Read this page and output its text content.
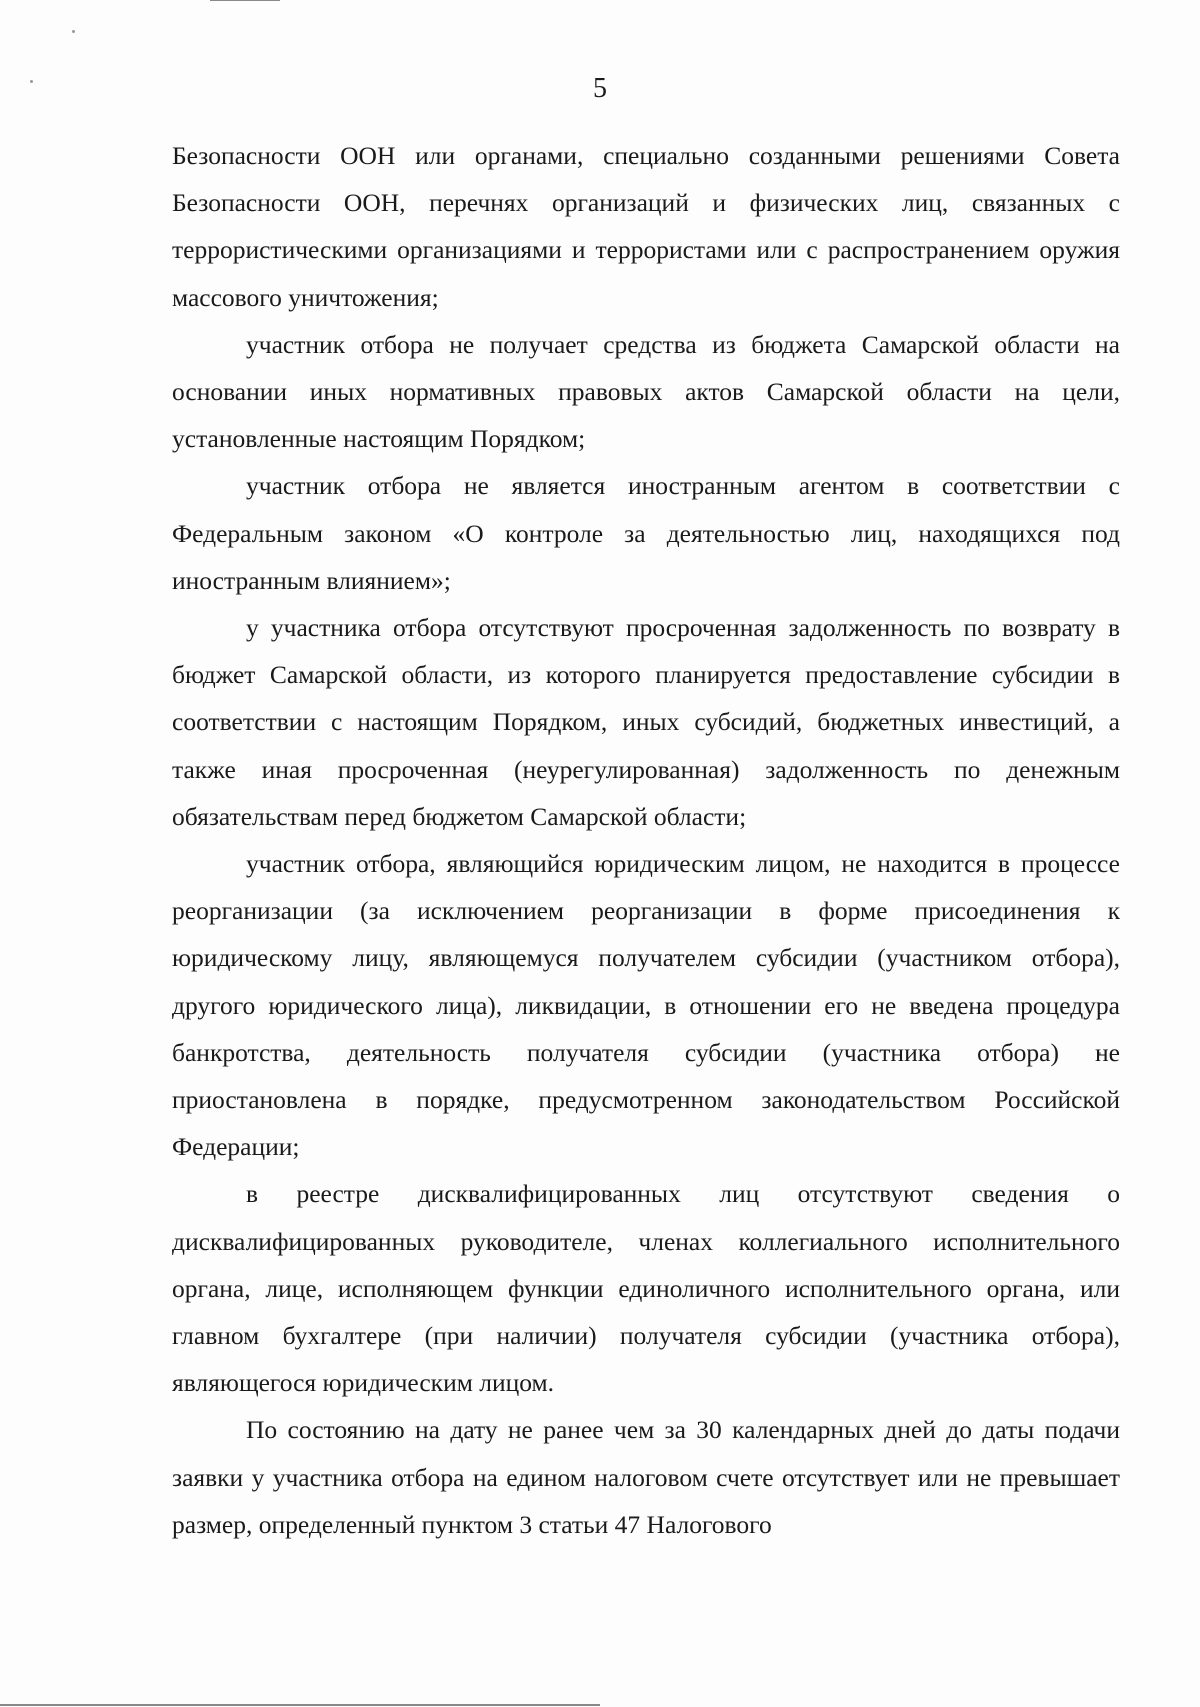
5

Безопасности ООН или органами, специально созданными решениями Совета Безопасности ООН, перечнях организаций и физических лиц, связанных с террористическими организациями и террористами или с распространением оружия массового уничтожения;

участник отбора не получает средства из бюджета Самарской области на основании иных нормативных правовых актов Самарской области на цели, установленные настоящим Порядком;

участник отбора не является иностранным агентом в соответствии с Федеральным законом «О контроле за деятельностью лиц, находящихся под иностранным влиянием»;

у участника отбора отсутствуют просроченная задолженность по возврату в бюджет Самарской области, из которого планируется предоставление субсидии в соответствии с настоящим Порядком, иных субсидий, бюджетных инвестиций, а также иная просроченная (неурегулированная) задолженность по денежным обязательствам перед бюджетом Самарской области;

участник отбора, являющийся юридическим лицом, не находится в процессе реорганизации (за исключением реорганизации в форме присоединения к юридическому лицу, являющемуся получателем субсидии (участником отбора), другого юридического лица), ликвидации, в отношении его не введена процедура банкротства, деятельность получателя субсидии (участника отбора) не приостановлена в порядке, предусмотренном законодательством Российской Федерации;

в реестре дисквалифицированных лиц отсутствуют сведения о дисквалифицированных руководителе, членах коллегиального исполнительного органа, лице, исполняющем функции единоличного исполнительного органа, или главном бухгалтере (при наличии) получателя субсидии (участника отбора), являющегося юридическим лицом.

По состоянию на дату не ранее чем за 30 календарных дней до даты подачи заявки у участника отбора на едином налоговом счете отсутствует или не превышает размер, определенный пунктом 3 статьи 47 Налогового
